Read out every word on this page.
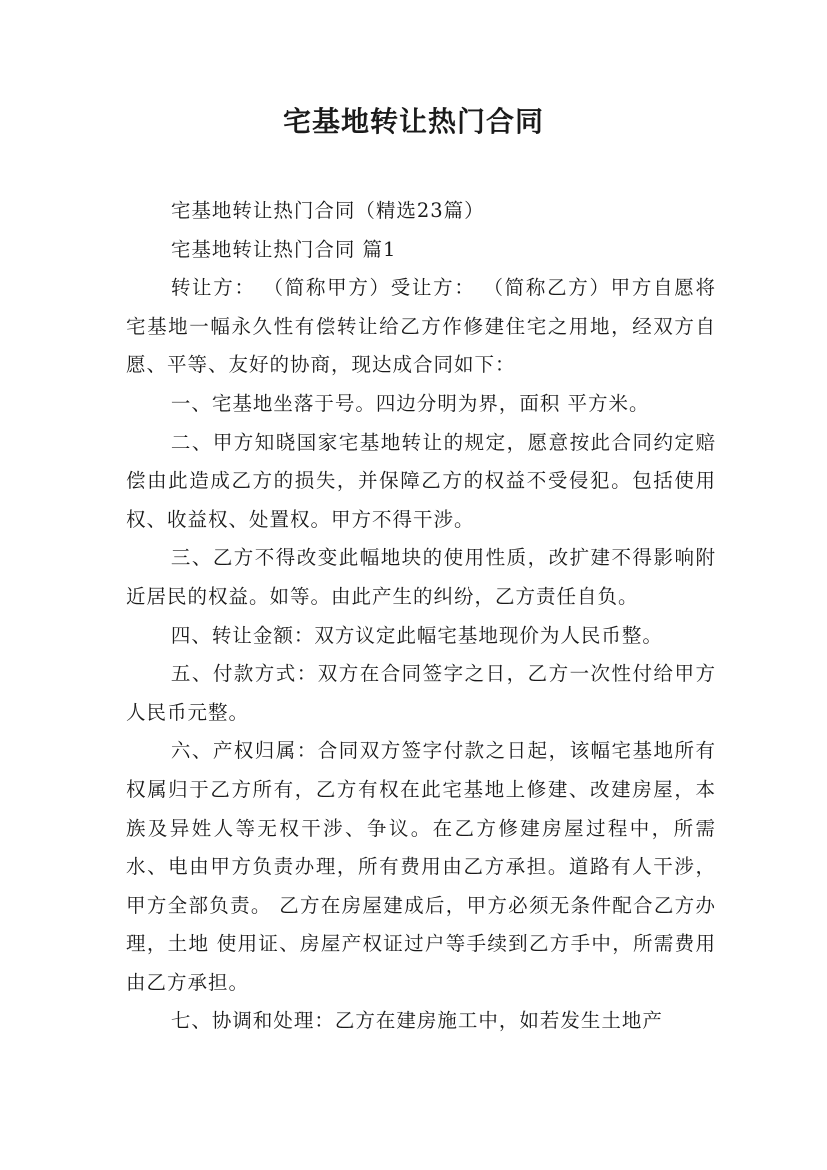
宅基地转让热门合同

宅基地转让热门合同（精选23篇）

宅基地转让热门合同 篇1

转让方： （简称甲方）受让方： （简称乙方）甲方自愿将宅基地一幅永久性有偿转让给乙方作修建住宅之用地，经双方自愿、平等、友好的协商，现达成合同如下：

一、宅基地坐落于号。四边分明为界，面积 平方米。

二、甲方知晓国家宅基地转让的规定，愿意按此合同约定赔偿由此造成乙方的损失，并保障乙方的权益不受侵犯。包括使用权、收益权、处置权。甲方不得干涉。

三、乙方不得改变此幅地块的使用性质，改扩建不得影响附近居民的权益。如等。由此产生的纠纷，乙方责任自负。

四、转让金额：双方议定此幅宅基地现价为人民币整。

五、付款方式：双方在合同签字之日，乙方一次性付给甲方人民币元整。

六、产权归属：合同双方签字付款之日起，该幅宅基地所有权属归于乙方所有，乙方有权在此宅基地上修建、改建房屋，本族及异姓人等无权干涉、争议。在乙方修建房屋过程中，所需水、电由甲方负责办理，所有费用由乙方承担。道路有人干涉，甲方全部负责。 乙方在房屋建成后，甲方必须无条件配合乙方办理，土地 使用证、房屋产权证过户等手续到乙方手中，所需费用由乙方承担。

七、协调和处理：乙方在建房施工中，如若发生土地产
